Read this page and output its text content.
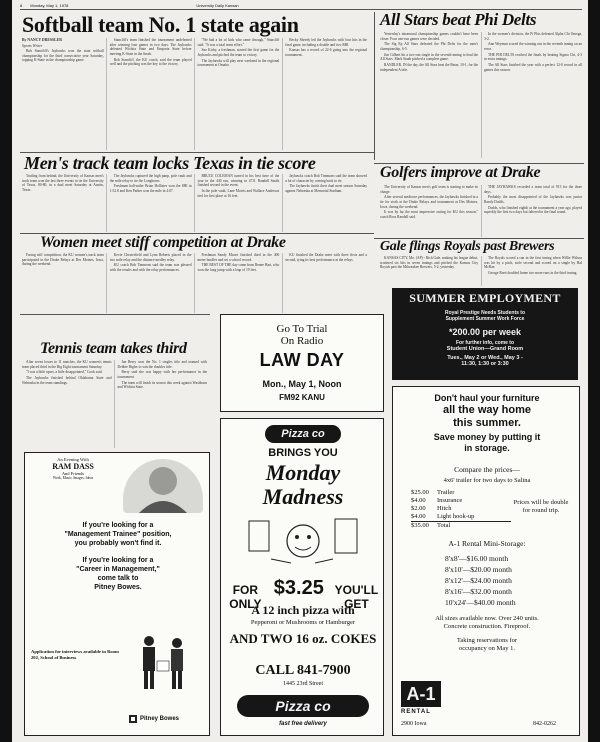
8 Monday, May 1, 1978	University Daily Kansan
Softball team No. 1 state again
By NANCY DRESSLER
Sports Writer

Bob Stancliff's Jayhawks won the state softball championship for the third consecutive year Saturday, topping K-State in the championship game.

Stancliff's team finished the tournament undefeated after winning four games in two days. The Jayhawks defeated Wichita State and Emporia State before meeting K-State in the finals.

Bob Stancliff, the KU coach, said the team played well and the pitching was the key to the victory.

"We had a lot of kids who came through," Stancliff said. "It was a total team effort."

Sue Kirby, a freshman, started the first game for the Jayhawks and pitched the team to victory.

The Jayhawks will play next weekend in the regional tournament at Omaha.

Becky Sheedy led the Jayhawks with four hits in the final game, including a double and two RBI.

Kansas has a record of 22-6 going into the regional tournament.

All Stars beat Phi Delts

Yesterday's intramural championship games couldn't have been closer. Four one-run games were decided.

The Sig Ep All Stars defeated the Phi Delts for the men's championship, 6-5.

Jim Gilbert hit a two-run single in the seventh inning to lead the All Stars. Mark Staab pitched a complete game.

RANDLER, IN the day, the All Stars beat the Betas, 10-1, for the independent A title.

In the women's division, the Pi Phis defeated Alpha Chi Omega, 3-2.

Ann Weyman scored the winning run in the seventh inning on an error.

THE PHI DELTS reached the finals by beating Sigma Chi, 4-3 in extra innings.

The All Stars finished the year with a perfect 12-0 record in all games this season.

Men's track team locks Texas in tie score

Trailing from behind, the University of Kansas men's track team won the last three events to tie the University of Texas, 80-80, in a dual meet Saturday at Austin, Texas.

The Jayhawks captured the high jump, pole vault and the mile relay to tie the Longhorns.

Freshman half-miler Brian Hollister won the 880 in 1:52.8 and Ken Parker won the mile in 4:07.

BRUCE COLEMAN turned in his best time of the year in the 440 run, winning in 47.8. Randall Smith finished second in the event.

In the pole vault, Lane Morris and Wallace Anderson tied for first place at 16 feet.

Jayhawks coach Bob Timmons said the team showed a lot of character by coming back to tie.

The Jayhawks finish their dual meet season Saturday against Nebraska at Memorial Stadium.

Golfers improve at Drake

The University of Kansas men's golf team is starting to make its charge.

After several mediocre performances, the Jayhawks finished in a tie for sixth at the Drake Relays and tournament at Des Moines, Iowa, during the weekend.

It was by far the most impressive outing for KU this season," coach Ross Randall said.

THE JAYHAWKS recorded a team total of 913 for the three days.

Probably the most disappointed of the Jayhawks was junior Randy Dodds.

Dodds, who finished eighth at the tournament a year ago, played superbly the first two days but faltered in the final round.

Women meet stiff competition at Drake

Facing stiff competition, the KU women's track team participated in the Drake Relays at Des Moines, Iowa, during the weekend.

Kevie Chesterfield and Lynn Reberts placed in the two mile relay and the distance medley relay.

KU coach Bob Timmons said the team was pleased with the results and with the relay performances.

Freshman Sandy Moore finished third in the 400 meter hurdles and set a school record.

THE BEST OF THE day came from Renee Hart, who won the long jump with a leap of 19 feet.

KU finished the Drake meet with three firsts and a second, tying its best performance at the relays.

Gale flings Royals past Brewers

KANSAS CITY, Mo. (AP) - Rich Gale, making his league debut, scattered six hits in seven innings and pitched the Kansas City Royals past the Milwaukee Brewers, 5-2, yesterday.

The Royals scored a run in the first inning when Willie Wilson was hit by a pitch, stole second and scored on a single by Hal McRae.

George Brett doubled home two more runs in the third inning.

SUMMER EMPLOYMENT
Royal Prestige Needs Students to
Supplement Summer Work Force
*200.00 per week
For further info, come to
Student Union—Grand Room
Tues., May 2 or Wed., May 3 -
11:30, 1:30 or 3:30
Tennis team takes third

After seven losses in 11 matches, the KU women's tennis team placed third in the Big Eight tournament Saturday.

"I was a little upset, a little disappointed," Cook said.

The Jayhawks finished behind Oklahoma State and Nebraska in the team standings.

Jan Berry won the No. 1 singles title and teamed with Debbie Rigler to win the doubles title.

Berry said she was happy with her performance in the tournament.

The team will finish its season this week against Washburn and Wichita State.

Go To Trial
On Radio
LAW DAY
Mon., May 1, Noon
FM92 KANU
An Evening With
RAM DASS
And Friends
Work, Music, Images, Ideas
If you're looking for a
"Management Trainee" position,
you probably won't find it.
If you're looking for a
"Career in Management,"
come talk to
Pitney Bowes.
Application for interviews available in Room 202, School of Business
Pitney Bowes
Pizza co
BRINGS YOU
Monday Madness
FOR ONLY
$3.25 YOU'LL GET
A 12 inch pizza with
Pepperoni or Mushrooms or Hamburger
AND TWO 16 oz. COKES
CALL 841-7900
1445 23rd Street
Pizza co
fast free delivery
Don't haul your furniture
all the way home
this summer.
Save money by putting it
in storage.
Compare the prices—
4x6' trailer for two days to Salina
$25.00	Trailer
$4.00	Insurance
$2.00	Hitch
$4.00	Light hook-up
$35.00	Total
Prices will be double for round trip.
A-1 Rental Mini-Storage:
8'x8'—$16.00 month
8'x10'—$20.00 month
8'x12'—$24.00 month
8'x16'—$32.00 month
10'x24'—$40.00 month
All sizes available now. Over 240 units.
Concrete construction. Fireproof.
Taking reservations for
occupancy on May 1.
A-1
RENTAL
2900 Iowa	842-0262
